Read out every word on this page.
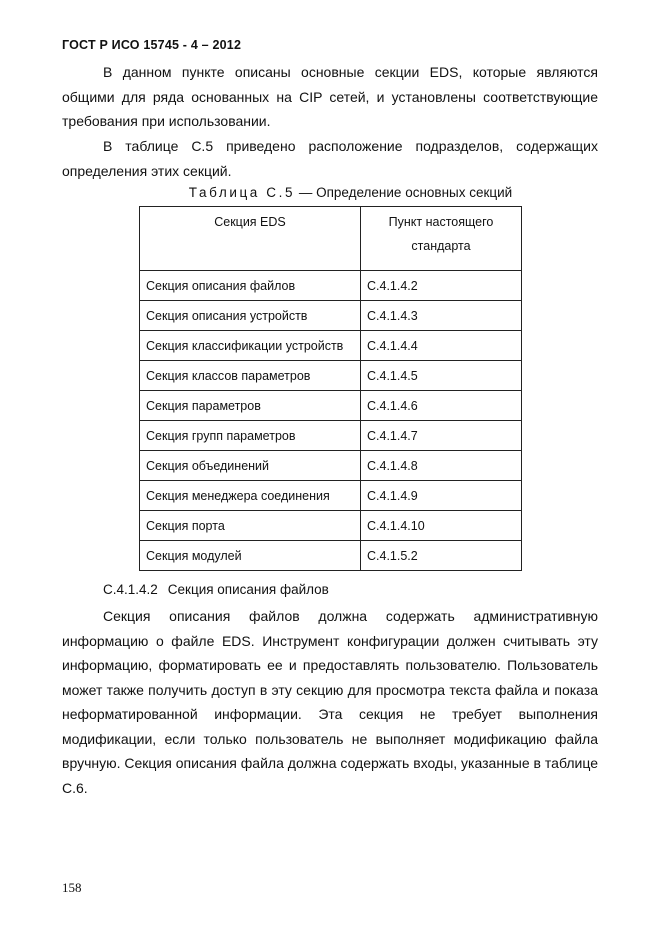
ГОСТ Р ИСО 15745 - 4 – 2012

В данном пункте описаны основные секции EDS, которые являются общими для ряда основанных на CIP сетей, и установлены соответствующие требования при использовании.

В таблице С.5 приведено расположение подразделов, содержащих определения этих секций.

Таблица С.5 — Определение основных секций
Секция EDS	Пункт настоящего стандарта
Секция описания файлов	С.4.1.4.2
Секция описания устройств	С.4.1.4.3
Секция классификации устройств	С.4.1.4.4
Секция классов параметров	С.4.1.4.5
Секция параметров	С.4.1.4.6
Секция групп параметров	С.4.1.4.7
Секция объединений	С.4.1.4.8
Секция менеджера соединения	С.4.1.4.9
Секция порта	С.4.1.4.10
Секция модулей	С.4.1.5.2
С.4.1.4.2 Секция описания файлов

Секция описания файлов должна содержать административную информацию о файле EDS. Инструмент конфигурации должен считывать эту информацию, форматировать ее и предоставлять пользователю. Пользователь может также получить доступ в эту секцию для просмотра текста файла и показа неформатированной информации. Эта секция не требует выполнения модификации, если только пользователь не выполняет модификацию файла вручную. Секция описания файла должна содержать входы, указанные в таблице С.6.

158
